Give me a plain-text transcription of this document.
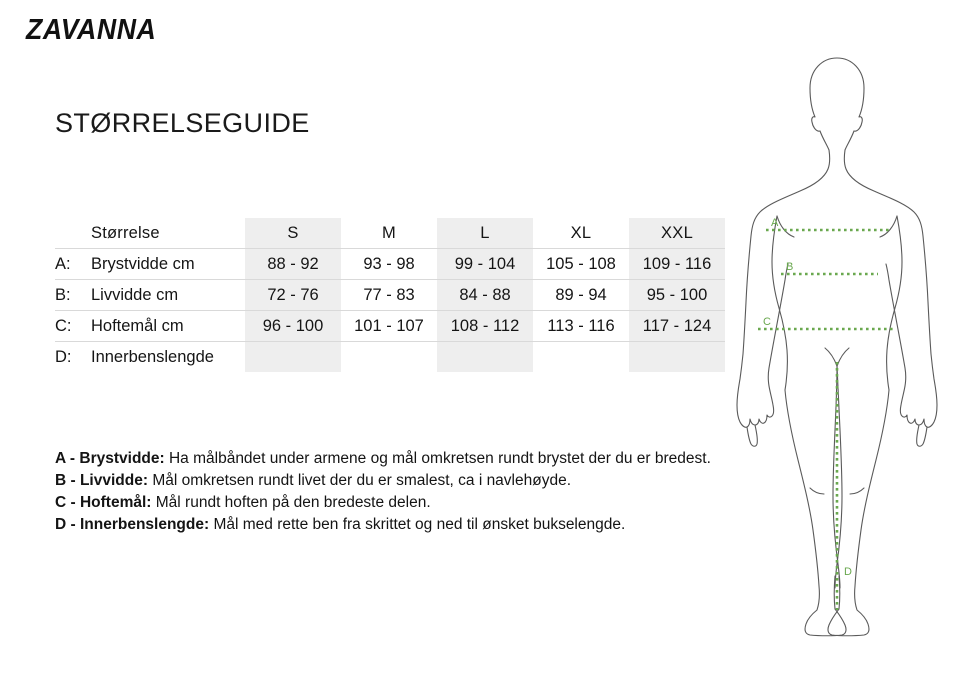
ZAVANNA
STØRRELSEGUIDE
	Størrelse	S	M	L	XL	XXL
A:	Brystvidde cm	88 - 92	93 - 98	99 - 104	105 - 108	109 - 116
B:	Livvidde cm	72 - 76	77 - 83	84 - 88	89 - 94	95 - 100
C:	Hoftemål cm	96 - 100	101 - 107	108 - 112	113 - 116	117 - 124
D:	Innerbenslengde					

A - Brystvidde: Ha målbåndet under armene og mål omkretsen rundt brystet der du er bredest.

B - Livvidde: Mål omkretsen rundt livet der du er smalest, ca i navlehøyde.

C - Hoftemål: Mål rundt hoften på den bredeste delen.

D - Innerbenslengde: Mål med rette ben fra skrittet og ned til ønsket bukselengde.

A
B
C
D
